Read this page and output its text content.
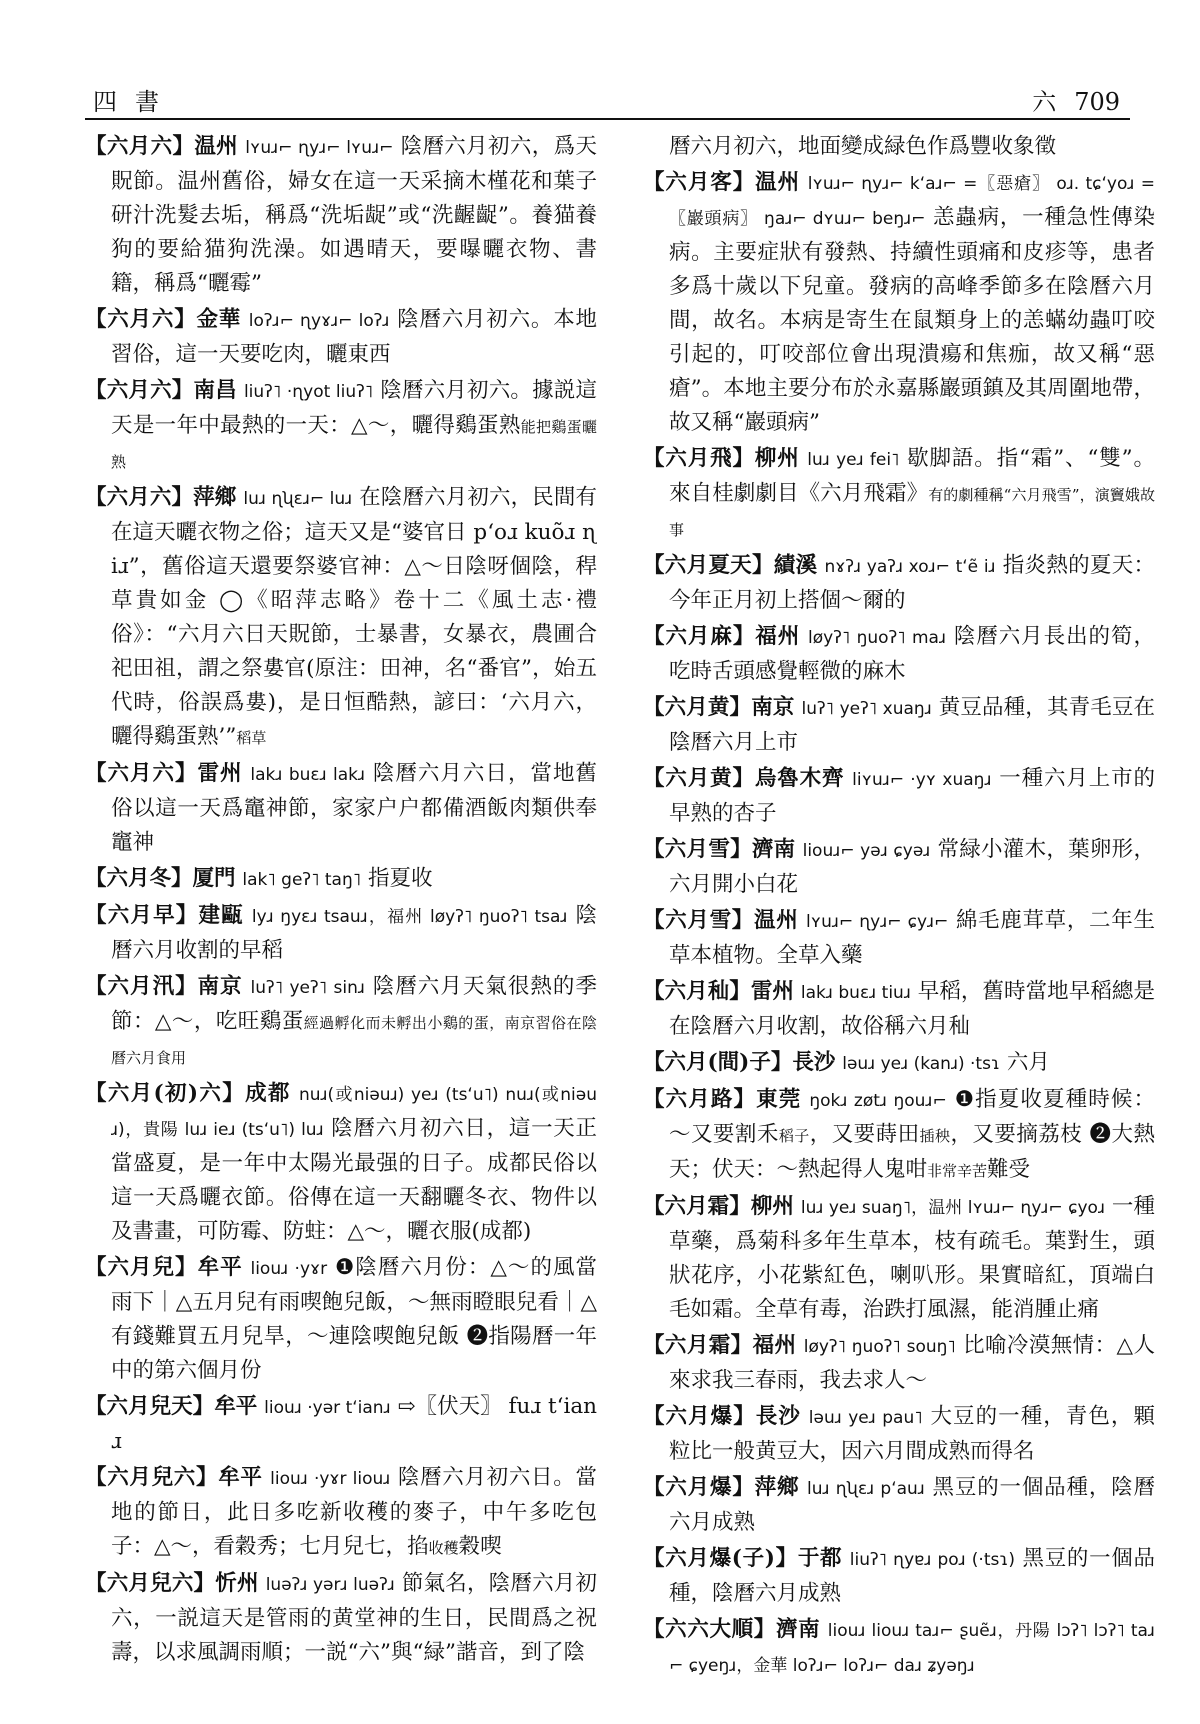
四書	六 709

【六月六】温州 lʏuɹ⌐ ɳyɹ⌐ lʏuɹ⌐ 陰曆六月初六，爲天貺節。温州舊俗，婦女在這一天采摘木槿花和葉子研汁洗髮去垢，稱爲“洗垢龊”或“洗齷齪”。養猫養狗的要給猫狗洗澡。如遇晴天，要曝曬衣物、書籍，稱爲“曬霉”

【六月六】金華 loʔɹ⌐ ɳyɤɹ⌐ loʔɹ 陰曆六月初六。本地習俗，這一天要吃肉，曬東西

【六月六】南昌 liuʔ˥ ·ɳyot liuʔ˥ 陰曆六月初六。據説這天是一年中最熱的一天：△～，曬得鷄蛋熟能把鷄蛋曬熟

【六月六】萍鄉 luɹ ɳʯɛɹ⌐ luɹ 在陰曆六月初六，民間有在這天曬衣物之俗；這天又是“婆官日 pʻoɹ kuõɹ ɳiɹ”，舊俗這天還要祭婆官神：△～日陰呀個陰，稈草貴如金 ◯《昭萍志略》卷十二《風土志·禮俗》：“六月六日天貺節，士暴書，女暴衣，農圃合祀田祖，謂之祭婁官(原注：田神，名“番官”，始五代時，俗誤爲婁)，是日恒酷熱，諺曰：‘六月六，曬得鷄蛋熟’”稻草

【六月六】雷州 lakɹ buɛɹ lakɹ 陰曆六月六日，當地舊俗以這一天爲竈神節，家家户户都備酒飯肉類供奉竈神

【六月冬】厦門 lak˥ geʔ˥ taŋ˥ 指夏收

【六月早】建甌 lyɹ ŋyɛɹ tsauɹ，福州 løyʔ˥ ŋuoʔ˥ tsaɹ 陰曆六月收割的早稻

【六月汛】南京 luʔ˥ yeʔ˥ sinɹ 陰曆六月天氣很熱的季節：△～，吃旺鷄蛋經過孵化而未孵出小鷄的蛋，南京習俗在陰曆六月食用

【六月(初)六】成都 nuɹ(或niəuɹ) yeɹ (tsʻu˥) nuɹ(或niəuɹ)，貴陽 luɹ ieɹ (tsʻu˥) luɹ 陰曆六月初六日，這一天正當盛夏，是一年中太陽光最强的日子。成都民俗以這一天爲曬衣節。俗傳在這一天翻曬冬衣、物件以及書畫，可防霉、防蛀：△～，曬衣服(成都)

【六月兒】牟平 liouɹ ·yɤr ❶陰曆六月份：△～的風當雨下｜△五月兒有雨喫飽兒飯，～無雨瞪眼兒看｜△有錢難買五月兒旱，～連陰喫飽兒飯 ❷指陽曆一年中的第六個月份

【六月兒天】牟平 liouɹ ·yər tʻianɹ ⇨〖伏天〗 fuɹ tʻianɹ

【六月兒六】牟平 liouɹ ·yɤr liouɹ 陰曆六月初六日。當地的節日，此日多吃新收穫的麥子，中午多吃包子：△～，看穀秀；七月兒七，掐收穫穀喫

【六月兒六】忻州 luəʔɹ yərɹ luəʔɹ 節氣名，陰曆六月初六，一説這天是管雨的黄堂神的生日，民間爲之祝壽，以求風調雨順；一説“六”與“緑”諧音，到了陰

曆六月初六，地面變成緑色作爲豐收象徵

【六月客】温州 lʏuɹ⌐ ɳyɹ⌐ kʻaɹ⌐ =〖惡瘡〗 oɹ. tɕʻyoɹ =〖巖頭病〗 ŋaɹ⌐ dʏuɹ⌐ beŋɹ⌐ 恙蟲病，一種急性傳染病。主要症狀有發熱、持續性頭痛和皮疹等，患者多爲十歲以下兒童。發病的高峰季節多在陰曆六月間，故名。本病是寄生在鼠類身上的恙蟎幼蟲叮咬引起的，叮咬部位會出現潰瘍和焦痂，故又稱“惡瘡”。本地主要分布於永嘉縣巖頭鎮及其周圍地帶，故又稱“巖頭病”

【六月飛】柳州 luɹ yeɹ fei˥ 歇脚語。指“霜”、“雙”。來自桂劇劇目《六月飛霜》有的劇種稱“六月飛雪”，演竇娥故事

【六月夏天】績溪 nɤʔɹ yaʔɹ xoɹ⌐ tʻẽ iɹ 指炎熱的夏天：今年正月初上搭個～爾的

【六月麻】福州 løyʔ˥ ŋuoʔ˥ maɹ 陰曆六月長出的筍，吃時舌頭感覺輕微的麻木

【六月黄】南京 luʔ˥ yeʔ˥ xuaŋɹ 黄豆品種，其青毛豆在陰曆六月上市

【六月黄】烏魯木齊 liʏuɹ⌐ ·yʏ xuaŋɹ 一種六月上市的早熟的杏子

【六月雪】濟南 liouɹ⌐ yəɹ ɕyəɹ 常緑小灌木，葉卵形，六月開小白花

【六月雪】温州 lʏuɹ⌐ ɳyɹ⌐ ɕyɹ⌐ 綿毛鹿茸草，二年生草本植物。全草入藥

【六月秈】雷州 lakɹ buɛɹ tiuɹ 早稻，舊時當地早稻總是在陰曆六月收割，故俗稱六月秈

【六月(間)子】長沙 ləuɹ yeɹ (kanɹ) ·tsɿ 六月

【六月路】東莞 ŋokɹ zøtɹ ŋouɹ⌐ ❶指夏收夏種時候：～又要割禾稻子，又要蒔田插秧，又要摘荔枝 ❷大熱天；伏天：～熱起得人鬼咁非常辛苦難受

【六月霜】柳州 luɹ yeɹ suaŋ˥，温州 lʏuɹ⌐ ɳyɹ⌐ ɕyoɹ 一種草藥，爲菊科多年生草本，枝有疏毛。葉對生，頭狀花序，小花紫紅色，喇叭形。果實暗紅，頂端白毛如霜。全草有毒，治跌打風濕，能消腫止痛

【六月霜】福州 løyʔ˥ ŋuoʔ˥ souŋ˥ 比喻冷漠無情：△人來求我三春雨，我去求人～

【六月爆】長沙 ləuɹ yeɹ pau˥ 大豆的一種，青色，顆粒比一般黄豆大，因六月間成熟而得名

【六月爆】萍鄉 luɹ ɳʯɛɹ pʻauɹ 黑豆的一個品種，陰曆六月成熟

【六月爆(子)】于都 liuʔ˥ ɳyɐɹ poɹ (·tsɿ) 黑豆的一個品種，陰曆六月成熟

【六六大順】濟南 liouɹ liouɹ taɹ⌐ ʂuẽɹ，丹陽 lɔʔ˥ lɔʔ˥ taɹ⌐ ɕyeŋɹ，金華 loʔɹ⌐ loʔɹ⌐ daɹ ʑyəŋɹ
